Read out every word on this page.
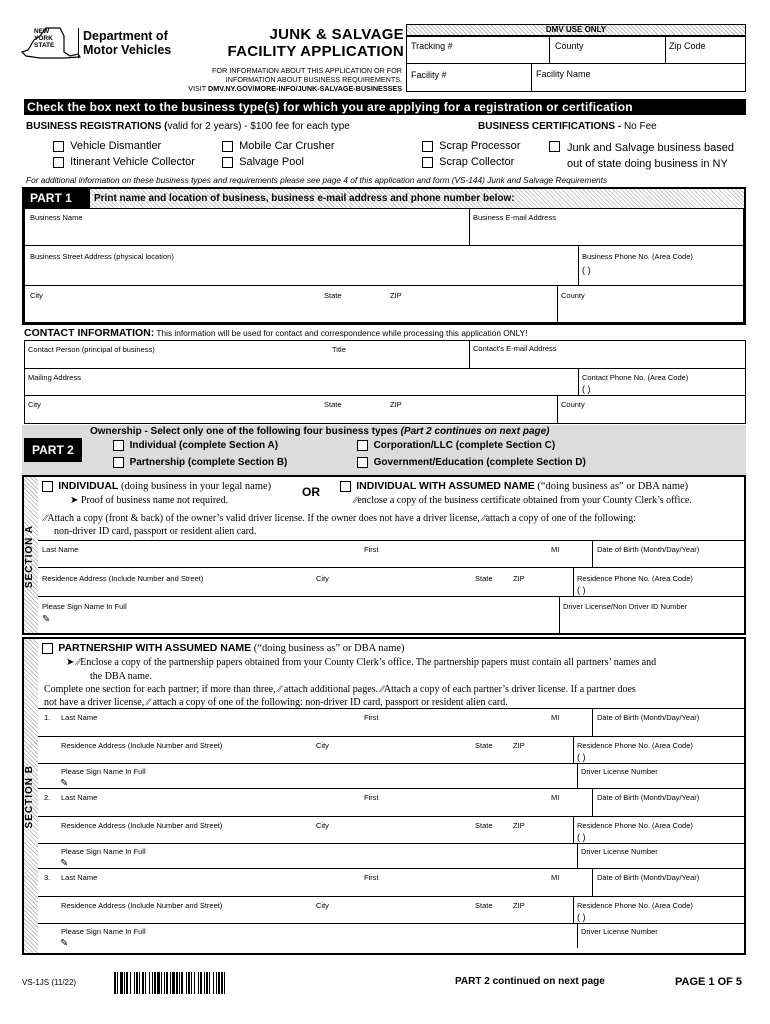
NEW
YORK
STATE
Department of
Motor Vehicles
JUNK & SALVAGE
FACILITY APPLICATION
FOR INFORMATION ABOUT THIS APPLICATION OR FOR
INFORMATION ABOUT BUSINESS REQUIREMENTS,
VISIT DMV.NY.GOV/MORE-INFO/JUNK-SALVAGE-BUSINESSES
DMV USE ONLY
Tracking #	County	Zip Code
Facility #	Facility Name
Check the box next to the business type(s) for which you are applying for a registration or certification
BUSINESS REGISTRATIONS (valid for 2 years) - $100 fee for each type	BUSINESS CERTIFICATIONS - No Fee
Vehicle Dismantler
Itinerant Vehicle Collector
Mobile Car Crusher
Salvage Pool
Scrap Processor
Scrap Collector
Junk and Salvage business based
out of state doing business in NY
For additional information on these business types and requirements please see page 4 of this application and form (VS-144) Junk and Salvage Requirements
PART 1	Print name and location of business, business e-mail address and phone number below:
Business Name	Business E-mail Address
Business Street Address (physical location)	Business Phone No. (Area Code)
( )
City	State	ZIP	County
CONTACT INFORMATION: This information will be used for contact and correspondence while processing this application ONLY!
Contact Person (principal of business)	Title	Contact's E-mail Address
Mailing Address	Contact Phone No. (Area Code)
( )
City	State	ZIP	County
PART 2
Ownership - Select only one of the following four business types (Part 2 continues on next page)
Individual (complete Section A)
Partnership (complete Section B)
Corporation/LLC (complete Section C)
Government/Education (complete Section D)
SECTION A
INDIVIDUAL (doing business in your legal name)	OR	INDIVIDUAL WITH ASSUMED NAME (“doing business as” or DBA name)
➤ Proof of business name not required.	∕∕enclose a copy of the business certificate obtained from your County Clerk’s office.
∕∕Attach a copy (front & back) of the owner’s valid driver license. If the owner does not have a driver license, ∕∕attach a copy of one of the following:
non-driver ID card, passport or resident alien card.
Last Name	First	MI	Date of Birth (Month/Day/Year)
Residence Address (Include Number and Street)	City	State	ZIP	Residence Phone No. (Area Code)
( )
Please Sign Name In Full
✎
Driver License/Non Driver ID Number
SECTION B
PARTNERSHIP WITH ASSUMED NAME (“doing business as” or DBA name)
➤ ∕∕Enclose a copy of the partnership papers obtained from your County Clerk’s office. The partnership papers must contain all partners’ names and
the DBA name.
Complete one section for each partner; if more than three, ∕∕ attach additional pages. ∕∕Attach a copy of each partner’s driver license. If a partner does
not have a driver license, ∕∕ attach a copy of one of the following: non-driver ID card, passport or resident alien card.
1. Last Name	First	MI	Date of Birth (Month/Day/Year)
Residence Address (Include Number and Street)	City	State	ZIP	Residence Phone No. (Area Code)
( )
Please Sign Name In Full	Driver License Number
✎
2. Last Name	First	MI	Date of Birth (Month/Day/Year)
Residence Address (Include Number and Street)	City	State	ZIP	Residence Phone No. (Area Code)
( )
Please Sign Name In Full	Driver License Number
✎
3. Last Name	First	MI	Date of Birth (Month/Day/Year)
Residence Address (Include Number and Street)	City	State	ZIP	Residence Phone No. (Area Code)
( )
Please Sign Name In Full	Driver License Number
✎
VS-1JS (11/22)	PART 2 continued on next page	PAGE 1 OF 5
